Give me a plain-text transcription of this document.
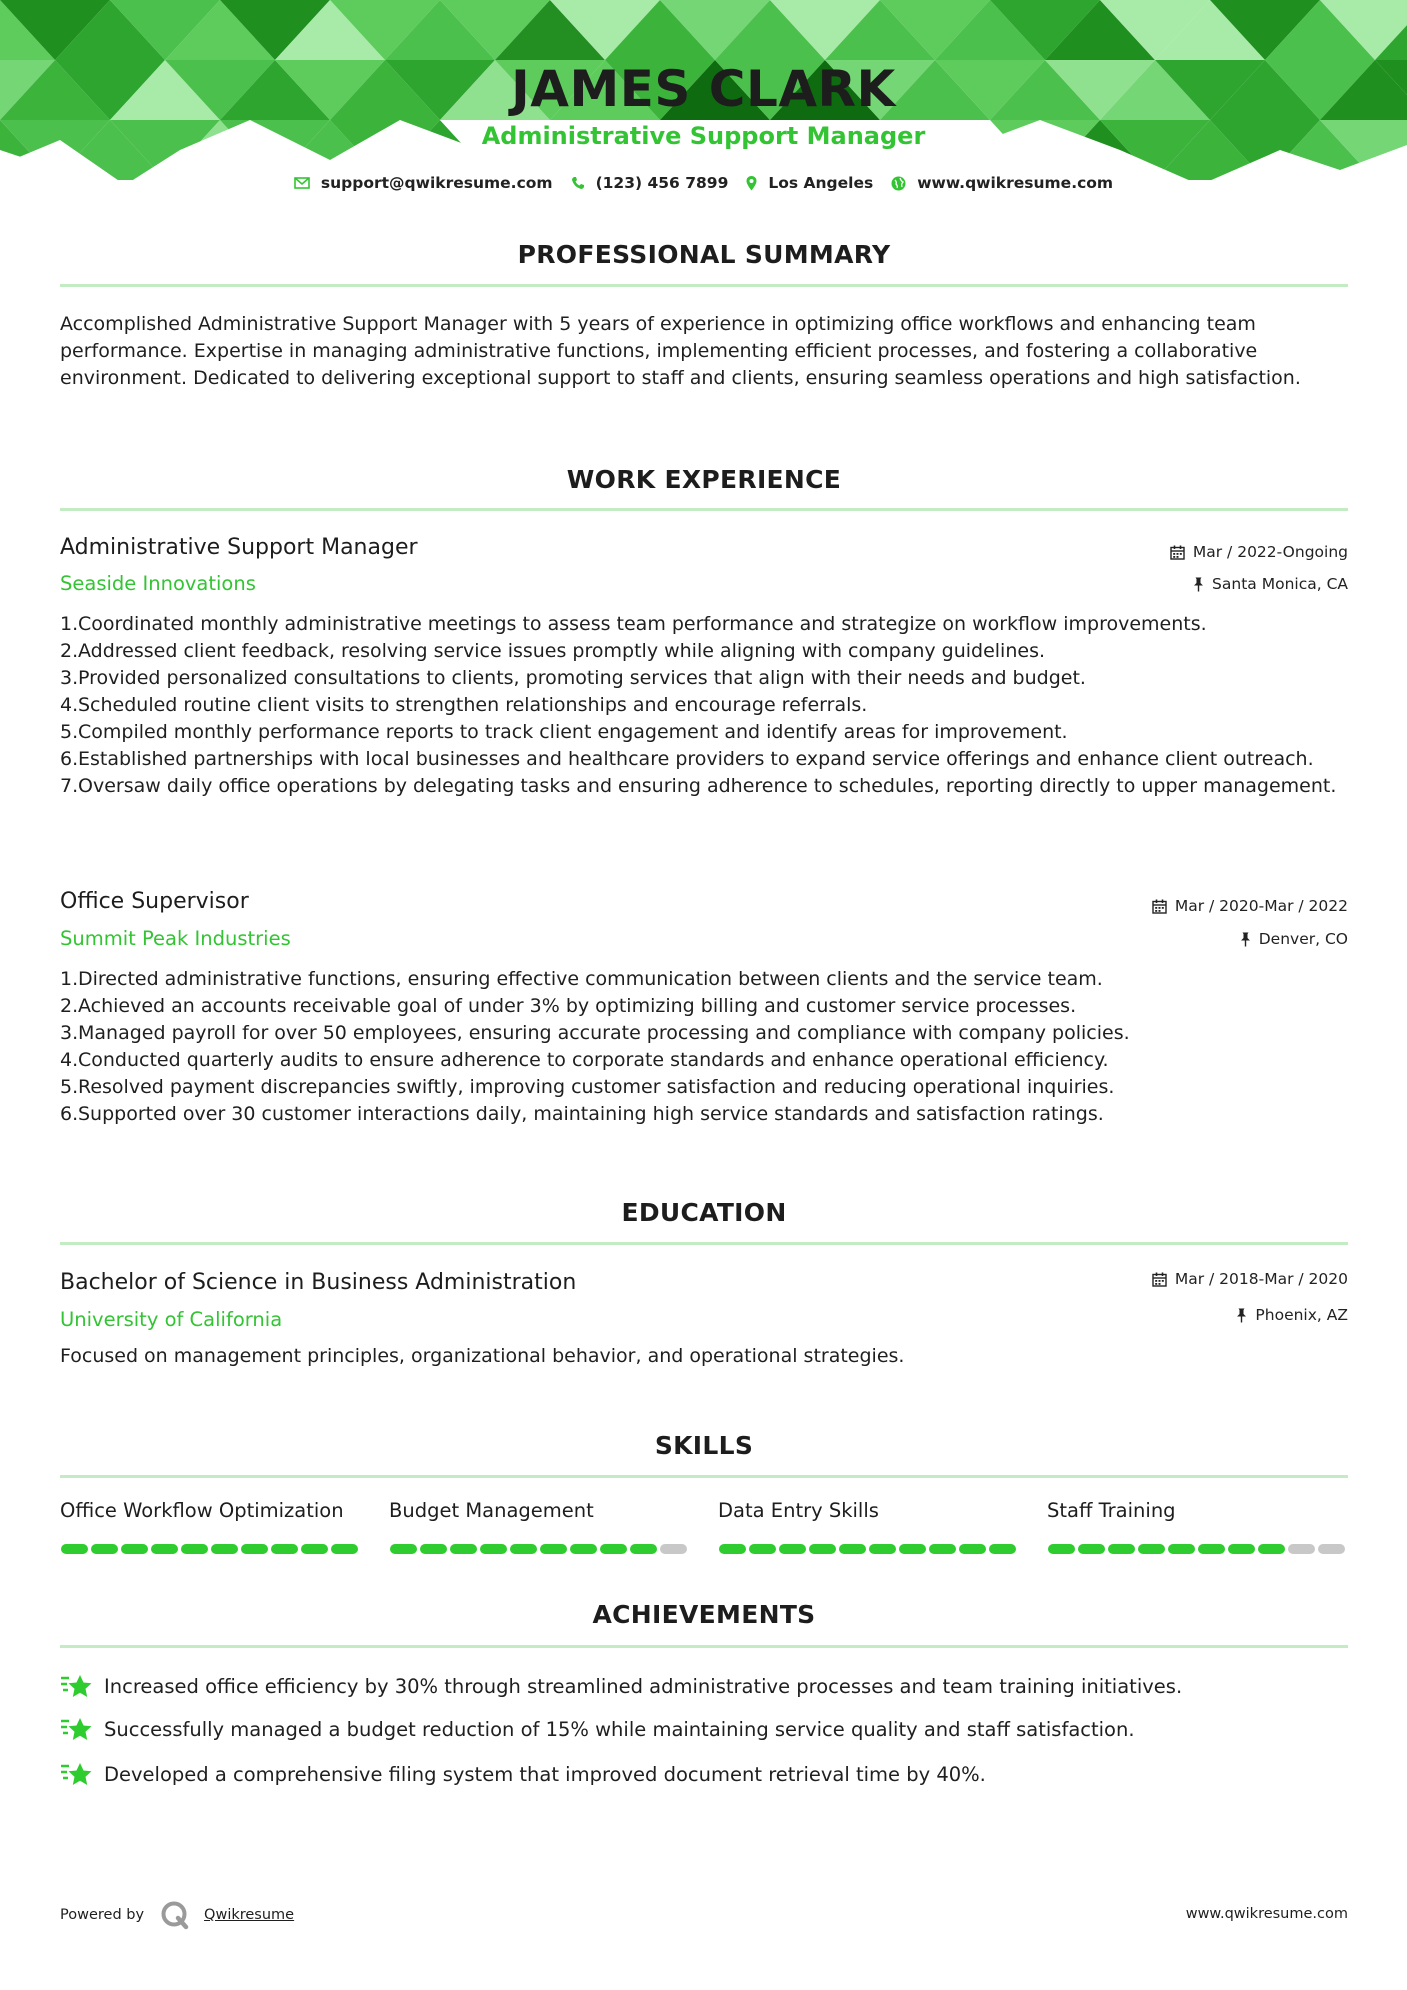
JAMES CLARK
Administrative Support Manager
support@qwikresume.com	(123) 456 7899	Los Angeles	www.qwikresume.com
PROFESSIONAL SUMMARY
Accomplished Administrative Support Manager with 5 years of experience in optimizing office workflows and enhancing team performance. Expertise in managing administrative functions, implementing efficient processes, and fostering a collaborative environment. Dedicated to delivering exceptional support to staff and clients, ensuring seamless operations and high satisfaction.
WORK EXPERIENCE
Administrative Support Manager
Seaside Innovations
Mar / 2022-Ongoing
Santa Monica, CA
1. Coordinated monthly administrative meetings to assess team performance and strategize on workflow improvements.
2. Addressed client feedback, resolving service issues promptly while aligning with company guidelines.
3. Provided personalized consultations to clients, promoting services that align with their needs and budget.
4. Scheduled routine client visits to strengthen relationships and encourage referrals.
5. Compiled monthly performance reports to track client engagement and identify areas for improvement.
6. Established partnerships with local businesses and healthcare providers to expand service offerings and enhance client outreach.
7. Oversaw daily office operations by delegating tasks and ensuring adherence to schedules, reporting directly to upper management.
Office Supervisor
Summit Peak Industries
Mar / 2020-Mar / 2022
Denver, CO
1. Directed administrative functions, ensuring effective communication between clients and the service team.
2. Achieved an accounts receivable goal of under 3% by optimizing billing and customer service processes.
3. Managed payroll for over 50 employees, ensuring accurate processing and compliance with company policies.
4. Conducted quarterly audits to ensure adherence to corporate standards and enhance operational efficiency.
5. Resolved payment discrepancies swiftly, improving customer satisfaction and reducing operational inquiries.
6. Supported over 30 customer interactions daily, maintaining high service standards and satisfaction ratings.
EDUCATION
Bachelor of Science in Business Administration
University of California
Mar / 2018-Mar / 2020
Phoenix, AZ
Focused on management principles, organizational behavior, and operational strategies.
SKILLS
Office Workflow Optimization	Budget Management	Data Entry Skills	Staff Training
ACHIEVEMENTS
Increased office efficiency by 30% through streamlined administrative processes and team training initiatives.
Successfully managed a budget reduction of 15% while maintaining service quality and staff satisfaction.
Developed a comprehensive filing system that improved document retrieval time by 40%.
Powered by	Qwikresume	www.qwikresume.com
